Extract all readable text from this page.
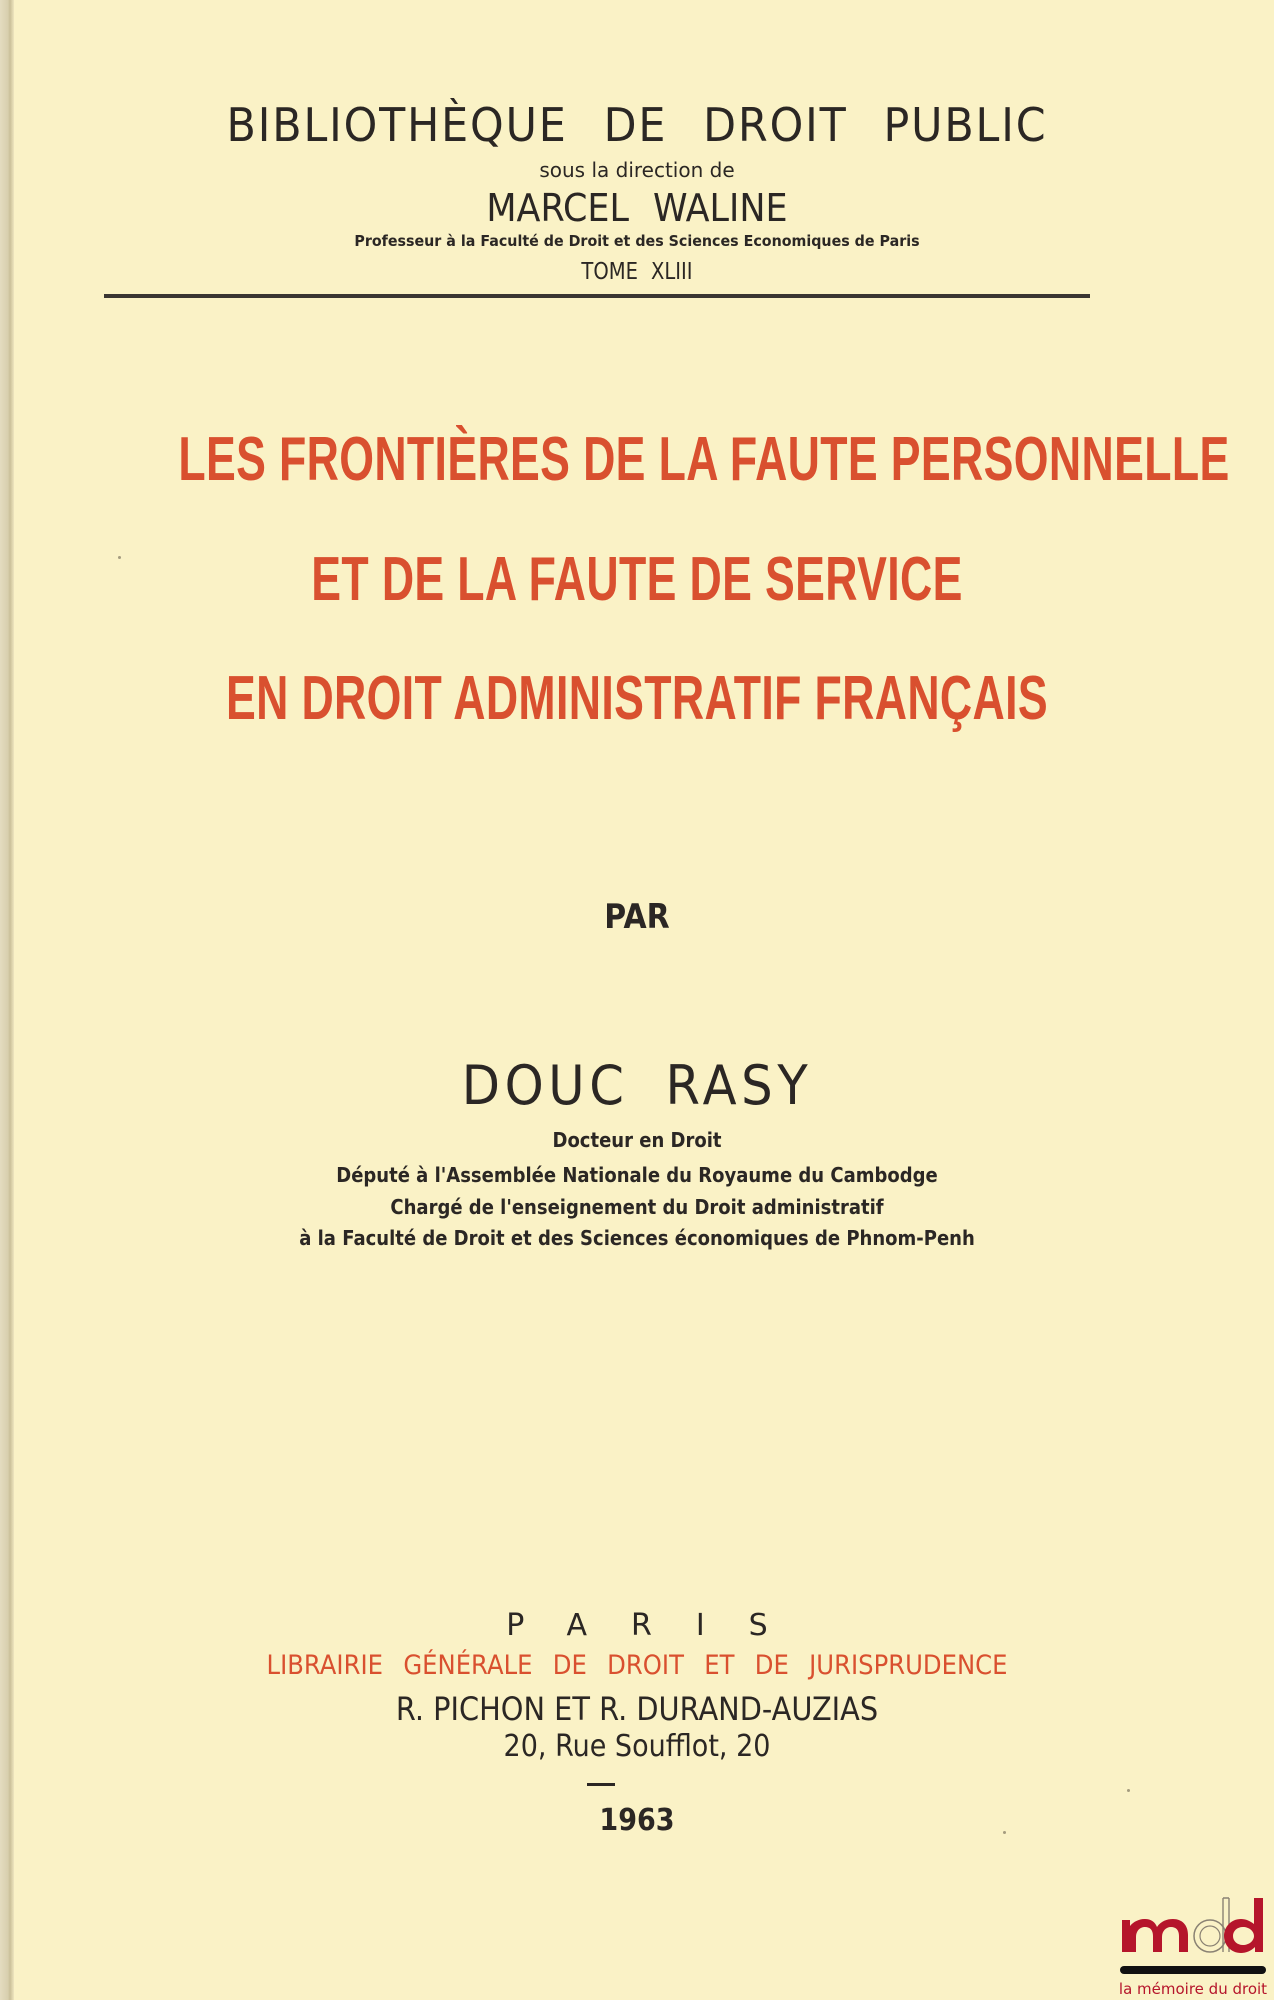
BIBLIOTHÈQUE DE DROIT PUBLIC
sous la direction de
MARCEL WALINE
Professeur à la Faculté de Droit et des Sciences Economiques de Paris
TOME XLIII
LES FRONTIÈRES DE LA FAUTE PERSONNELLE
ET DE LA FAUTE DE SERVICE
EN DROIT ADMINISTRATIF FRANÇAIS
PAR
DOUC RASY
Docteur en Droit
Député à l'Assemblée Nationale du Royaume du Cambodge
Chargé de l'enseignement du Droit administratif
à la Faculté de Droit et des Sciences économiques de Phnom-Penh
PARIS
LIBRAIRIE GÉNÉRALE DE DROIT ET DE JURISPRUDENCE
R. PICHON ET R. DURAND-AUZIAS
20, Rue Soufflot, 20
1963
la mémoire du droit
